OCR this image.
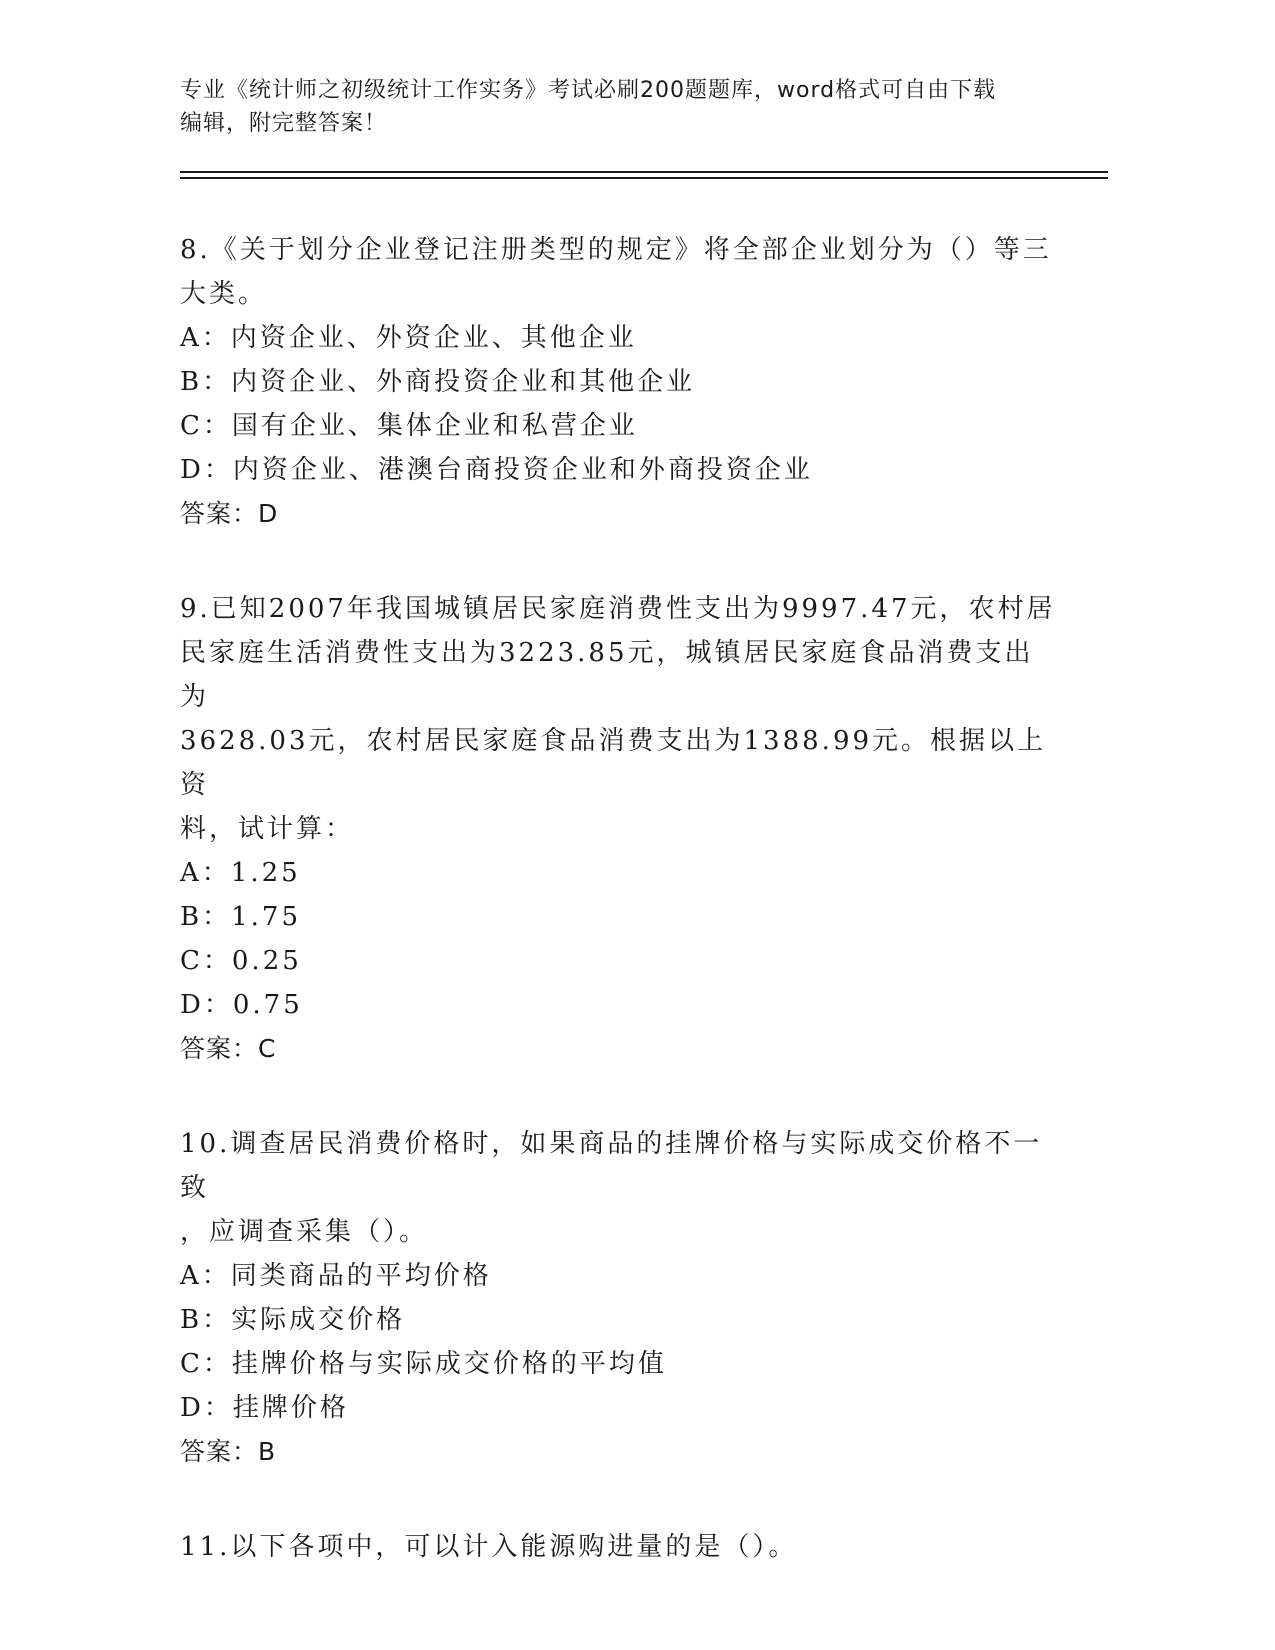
专业《统计师之初级统计工作实务》考试必刷200题题库，word格式可自由下载
编辑，附完整答案！

8.《关于划分企业登记注册类型的规定》将全部企业划分为（）等三
大类。

A：内资企业、外资企业、其他企业

B：内资企业、外商投资企业和其他企业

C：国有企业、集体企业和私营企业

D：内资企业、港澳台商投资企业和外商投资企业

答案：D

9.已知2007年我国城镇居民家庭消费性支出为9997.47元，农村居
民家庭生活消费性支出为3223.85元，城镇居民家庭食品消费支出为
3628.03元，农村居民家庭食品消费支出为1388.99元。根据以上资
料，试计算：

A：1.25

B：1.75

C：0.25

D：0.75

答案：C

10.调查居民消费价格时，如果商品的挂牌价格与实际成交价格不一致
，应调查采集（）。

A：同类商品的平均价格

B：实际成交价格

C：挂牌价格与实际成交价格的平均值

D：挂牌价格

答案：B

11.以下各项中，可以计入能源购进量的是（）。
